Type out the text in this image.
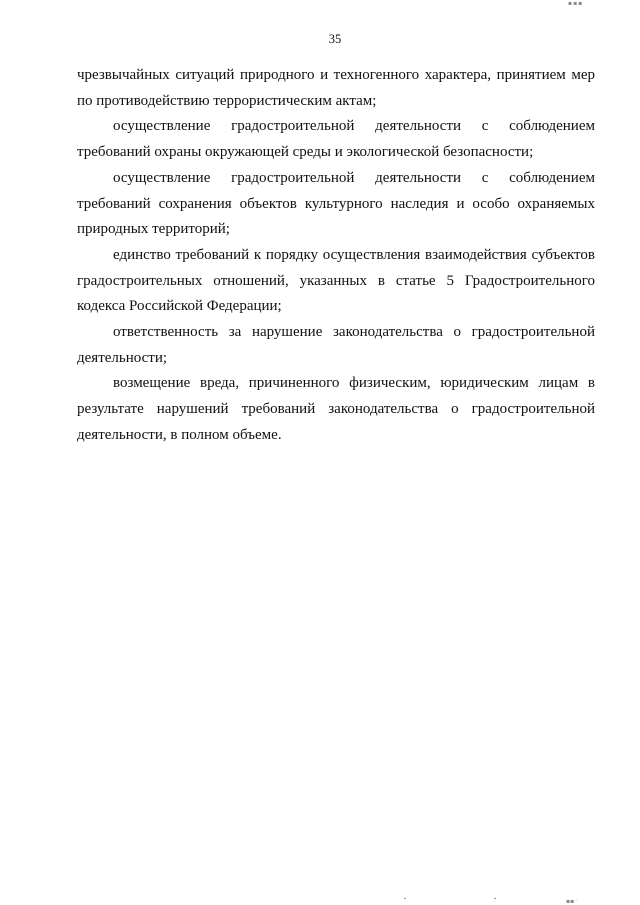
▪▪▪
35

чрезвычайных ситуаций природного и техногенного характера, принятием мер по противодействию террористическим актам;

осуществление градостроительной деятельности с соблюдением требований охраны окружающей среды и экологической безопасности;

осуществление градостроительной деятельности с соблюдением требований сохранения объектов культурного наследия и особо охраняемых природных территорий;

единство требований к порядку осуществления взаимодействия субъектов градостроительных отношений, указанных в статье 5 Градостроительного кодекса Российской Федерации;

ответственность за нарушение законодательства о градостроительной деятельности;

возмещение вреда, причиненного физическим, юридическим лицам в результате нарушений требований законодательства о градостроительной деятельности, в полном объеме.

▪▪ ·
